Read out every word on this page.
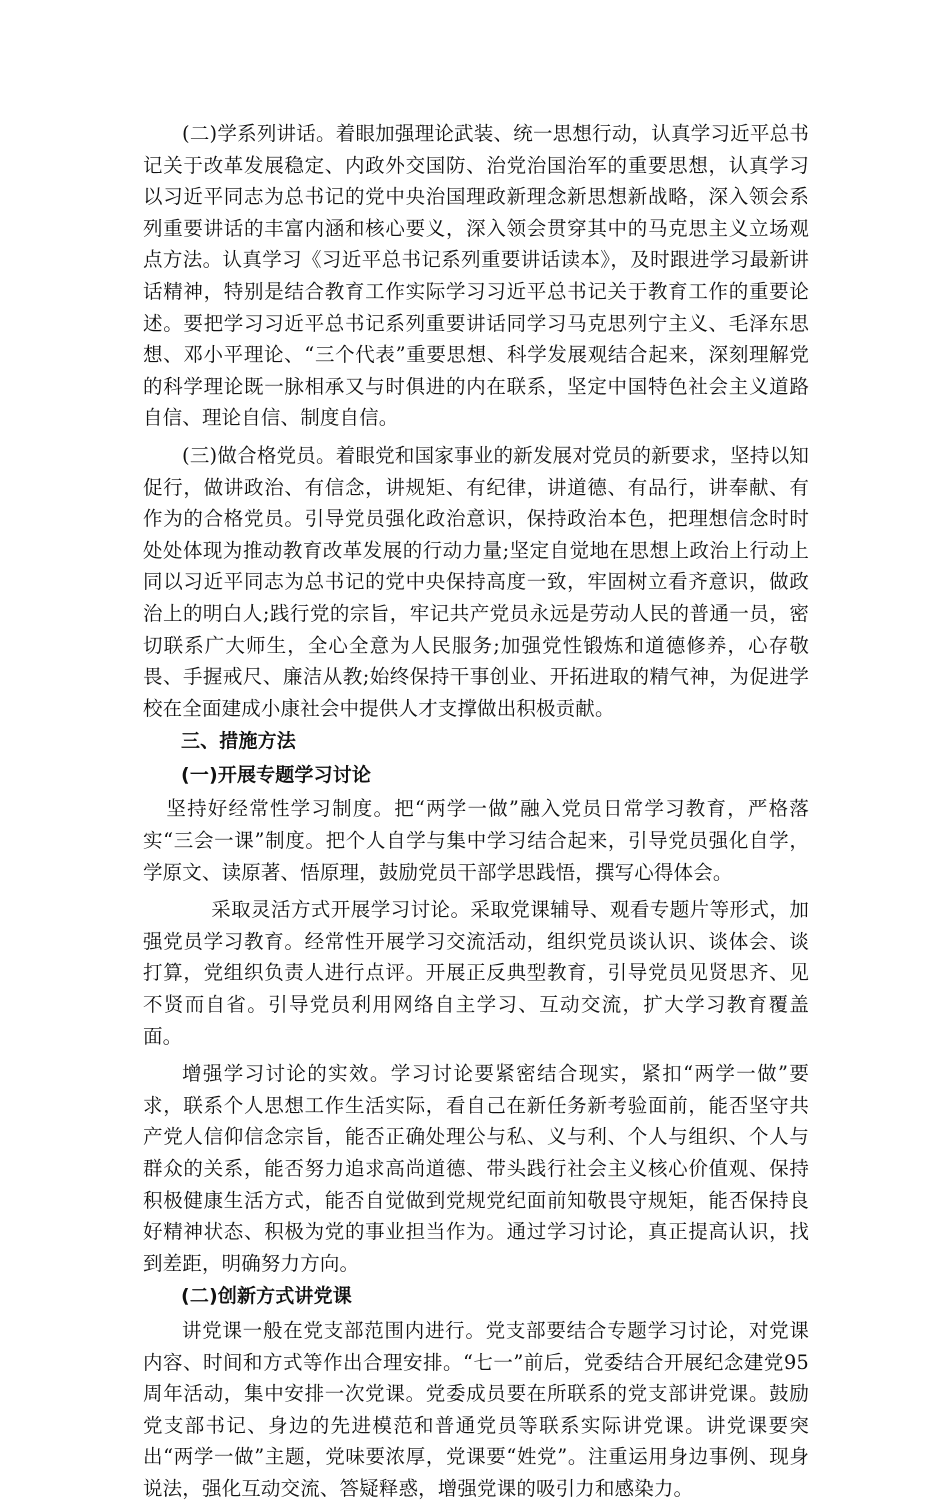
(二)学系列讲话。着眼加强理论武装、统一思想行动，认真学习近平总书记关于改革发展稳定、内政外交国防、治党治国治军的重要思想，认真学习以习近平同志为总书记的党中央治国理政新理念新思想新战略，深入领会系列重要讲话的丰富内涵和核心要义，深入领会贯穿其中的马克思主义立场观点方法。认真学习《习近平总书记系列重要讲话读本》，及时跟进学习最新讲话精神，特别是结合教育工作实际学习习近平总书记关于教育工作的重要论述。要把学习习近平总书记系列重要讲话同学习马克思列宁主义、毛泽东思想、邓小平理论、“三个代表”重要思想、科学发展观结合起来，深刻理解党的科学理论既一脉相承又与时俱进的内在联系，坚定中国特色社会主义道路自信、理论自信、制度自信。

(三)做合格党员。着眼党和国家事业的新发展对党员的新要求，坚持以知促行，做讲政治、有信念，讲规矩、有纪律，讲道德、有品行，讲奉献、有作为的合格党员。引导党员强化政治意识，保持政治本色，把理想信念时时处处体现为推动教育改革发展的行动力量;坚定自觉地在思想上政治上行动上同以习近平同志为总书记的党中央保持高度一致，牢固树立看齐意识，做政治上的明白人;践行党的宗旨，牢记共产党员永远是劳动人民的普通一员，密切联系广大师生，全心全意为人民服务;加强党性锻炼和道德修养，心存敬畏、手握戒尺、廉洁从教;始终保持干事创业、开拓进取的精气神，为促进学校在全面建成小康社会中提供人才支撑做出积极贡献。

三、措施方法

(一)开展专题学习讨论

坚持好经常性学习制度。把“两学一做”融入党员日常学习教育，严格落实“三会一课”制度。把个人自学与集中学习结合起来，引导党员强化自学，学原文、读原著、悟原理，鼓励党员干部学思践悟，撰写心得体会。

采取灵活方式开展学习讨论。采取党课辅导、观看专题片等形式，加强党员学习教育。经常性开展学习交流活动，组织党员谈认识、谈体会、谈打算，党组织负责人进行点评。开展正反典型教育，引导党员见贤思齐、见不贤而自省。引导党员利用网络自主学习、互动交流，扩大学习教育覆盖面。

增强学习讨论的实效。学习讨论要紧密结合现实，紧扣“两学一做”要求，联系个人思想工作生活实际，看自己在新任务新考验面前，能否坚守共产党人信仰信念宗旨，能否正确处理公与私、义与利、个人与组织、个人与群众的关系，能否努力追求高尚道德、带头践行社会主义核心价值观、保持积极健康生活方式，能否自觉做到党规党纪面前知敬畏守规矩，能否保持良好精神状态、积极为党的事业担当作为。通过学习讨论，真正提高认识，找到差距，明确努力方向。

(二)创新方式讲党课

讲党课一般在党支部范围内进行。党支部要结合专题学习讨论，对党课内容、时间和方式等作出合理安排。“七一”前后，党委结合开展纪念建党95周年活动，集中安排一次党课。党委成员要在所联系的党支部讲党课。鼓励党支部书记、身边的先进模范和普通党员等联系实际讲党课。讲党课要突出“两学一做”主题，党味要浓厚，党课要“姓党”。注重运用身边事例、现身说法，强化互动交流、答疑释惑，增强党课的吸引力和感染力。
